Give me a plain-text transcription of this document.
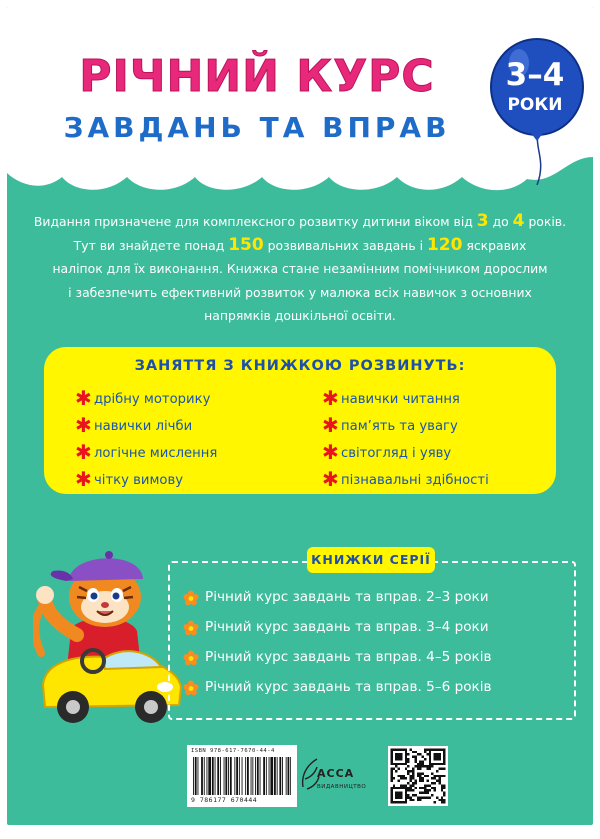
РІЧНИЙ КУРС
ЗАВДАНЬ ТА ВПРАВ
3–4
РОКИ
Видання призначене для комплексного розвитку дитини віком від 3 до 4 років.
Тут ви знайдете понад 150 розвивальних завдань і 120 яскравих
наліпок для їх виконання. Книжка стане незамінним помічником дорослим
і забезпечить ефективний розвиток у малюка всіх навичок з основних
напрямків дошкільної освіти.
ЗАНЯТТЯ З КНИЖКОЮ РОЗВИНУТЬ:
✱ дрібну моторику
✱ навички лічби
✱ логічне мислення
✱ чітку вимову
✱ навички читання
✱ пам’ять та увагу
✱ світогляд і уяву
✱ пізнавальні здібності
КНИЖКИ СЕРІЇ
Річний курс завдань та вправ. 2–3 роки
Річний курс завдань та вправ. 3–4 роки
Річний курс завдань та вправ. 4–5 років
Річний курс завдань та вправ. 5–6 років
ISBN 978-617-7670-44-4
9 786177 670444
АССА
ВИДАВНИЦТВО
